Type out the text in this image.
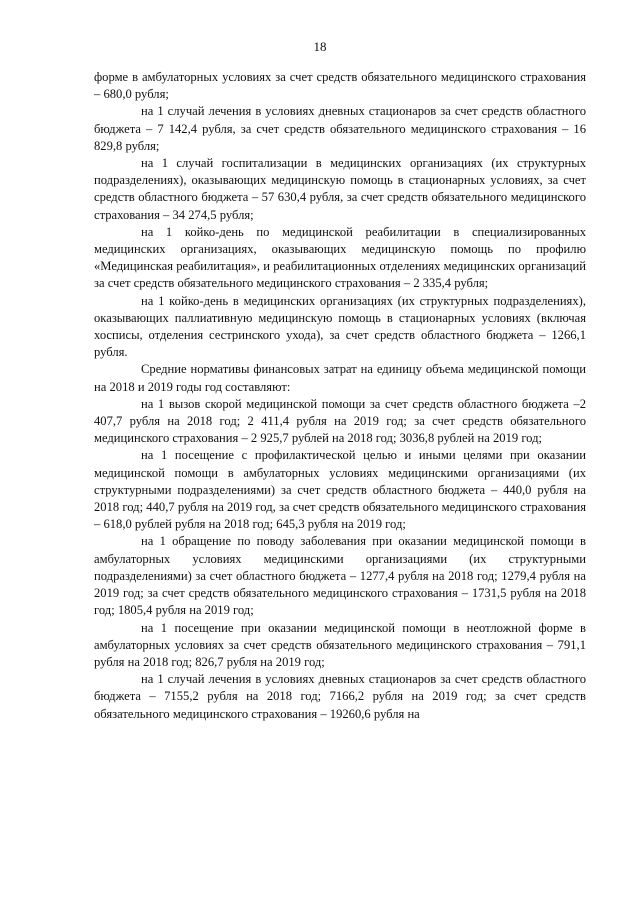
18

форме в амбулаторных условиях за счет средств обязательного медицинского страхования – 680,0 рубля;

на 1 случай лечения в условиях дневных стационаров за счет средств областного бюджета – 7 142,4 рубля, за счет средств обязательного медицинского страхования – 16 829,8 рубля;

на 1 случай госпитализации в медицинских организациях (их структурных подразделениях), оказывающих медицинскую помощь в стационарных условиях, за счет средств областного бюджета – 57 630,4 рубля, за счет средств обязательного медицинского страхования – 34 274,5 рубля;

на 1 койко-день по медицинской реабилитации в специализированных медицинских организациях, оказывающих медицинскую помощь по профилю «Медицинская реабилитация», и реабилитационных отделениях медицинских организаций за счет средств обязательного медицинского страхования – 2 335,4 рубля;

на 1 койко-день в медицинских организациях (их структурных подразделениях), оказывающих паллиативную медицинскую помощь в стационарных условиях (включая хосписы, отделения сестринского ухода), за счет средств областного бюджета – 1266,1 рубля.

Средние нормативы финансовых затрат на единицу объема медицинской помощи на 2018 и 2019 годы год составляют:

на 1 вызов скорой медицинской помощи за счет средств областного бюджета –2 407,7 рубля на 2018 год; 2 411,4 рубля на 2019 год; за счет средств обязательного медицинского страхования – 2 925,7 рублей на 2018 год; 3036,8 рублей на 2019 год;

на 1 посещение с профилактической целью и иными целями при оказании медицинской помощи в амбулаторных условиях медицинскими организациями (их структурными подразделениями) за счет средств областного бюджета – 440,0 рубля на 2018 год; 440,7 рубля на 2019 год, за счет средств обязательного медицинского страхования – 618,0 рублей рубля на 2018 год; 645,3 рубля на 2019 год;

на 1 обращение по поводу заболевания при оказании медицинской помощи в амбулаторных условиях медицинскими организациями (их структурными подразделениями) за счет областного бюджета – 1277,4 рубля на 2018 год; 1279,4 рубля на 2019 год; за счет средств обязательного медицинского страхования – 1731,5 рубля на 2018 год; 1805,4 рубля на 2019 год;

на 1 посещение при оказании медицинской помощи в неотложной форме в амбулаторных условиях за счет средств обязательного медицинского страхования – 791,1 рубля на 2018 год; 826,7 рубля на 2019 год;

на 1 случай лечения в условиях дневных стационаров за счет средств областного бюджета – 7155,2 рубля на 2018 год; 7166,2 рубля на 2019 год; за счет средств обязательного медицинского страхования – 19260,6 рубля на
